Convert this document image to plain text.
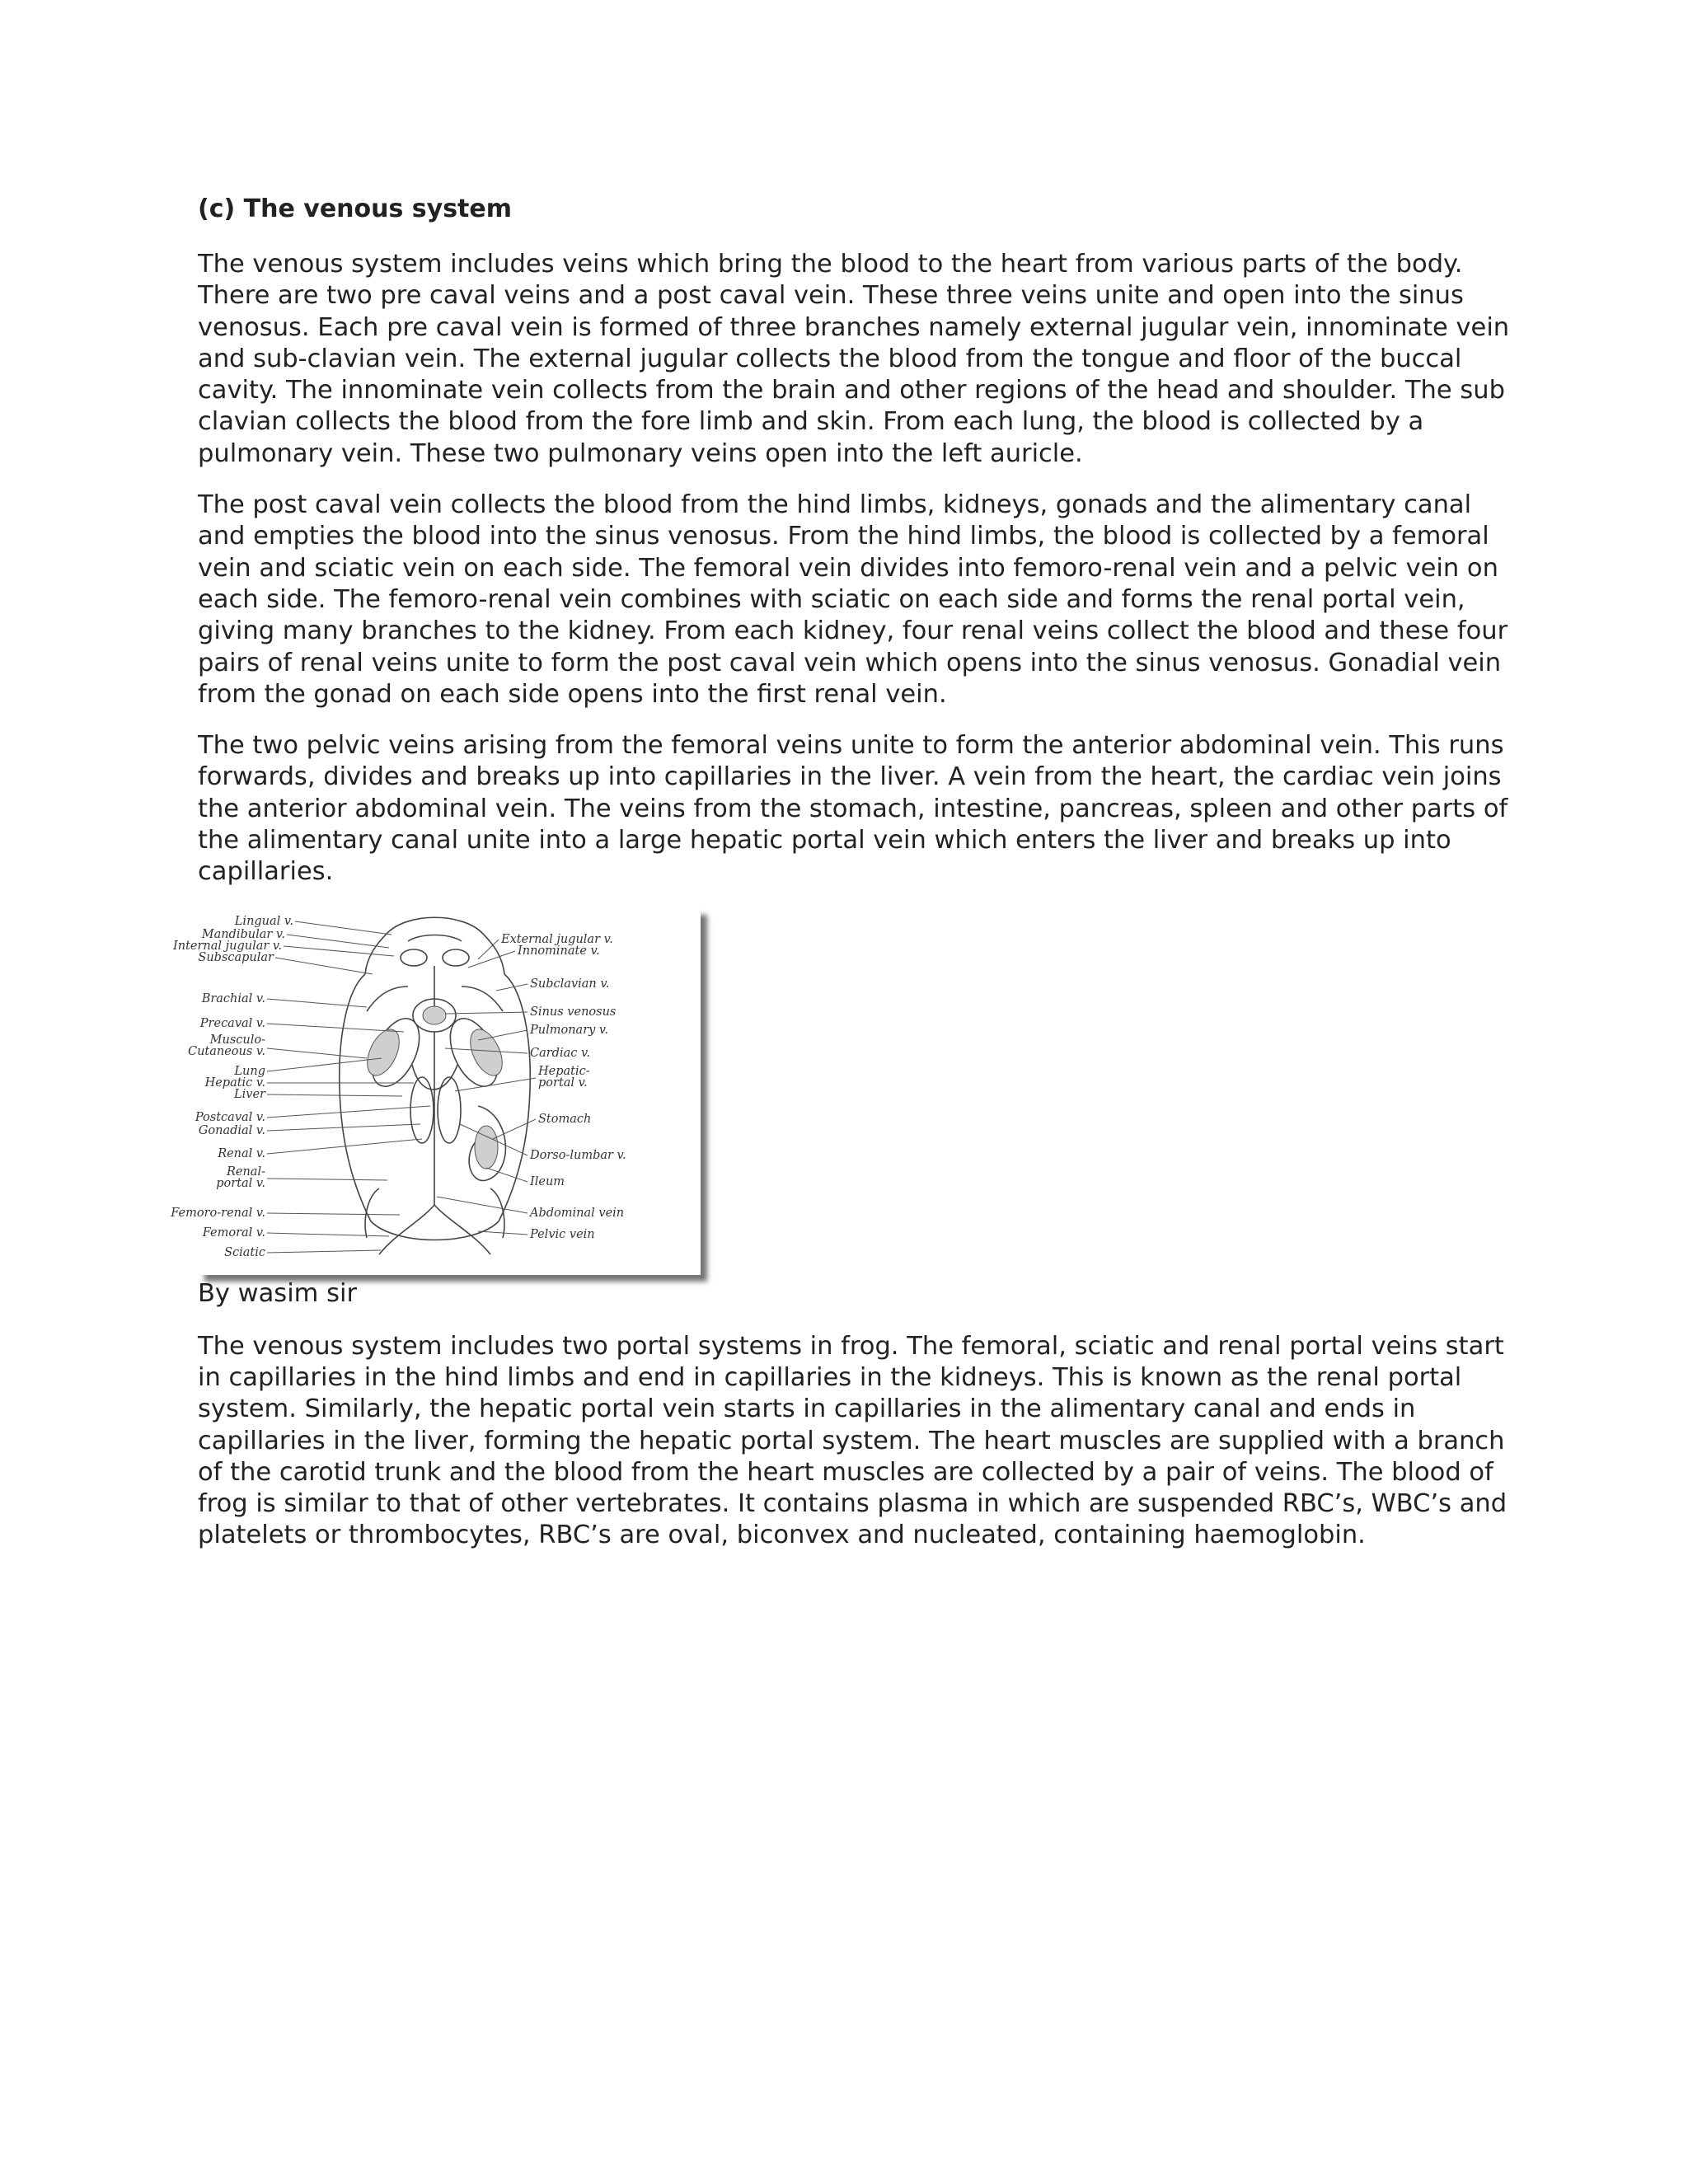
(c) The venous system

The venous system includes veins which bring the blood to the heart from various parts of the body. There are two pre caval veins and a post caval vein. These three veins unite and open into the sinus venosus. Each pre caval vein is formed of three branches namely external jugular vein, innominate vein and sub-clavian vein. The external jugular collects the blood from the tongue and floor of the buccal cavity. The innominate vein collects from the brain and other regions of the head and shoulder. The sub clavian collects the blood from the fore limb and skin. From each lung, the blood is collected by a pulmonary vein. These two pulmonary veins open into the left auricle.

The post caval vein collects the blood from the hind limbs, kidneys, gonads and the alimentary canal and empties the blood into the sinus venosus. From the hind limbs, the blood is collected by a femoral vein and sciatic vein on each side. The femoral vein divides into femoro-renal vein and a pelvic vein on each side. The femoro-renal vein combines with sciatic on each side and forms the renal portal vein, giving many branches to the kidney. From each kidney, four renal veins collect the blood and these four pairs of renal veins unite to form the post caval vein which opens into the sinus venosus. Gonadial vein from the gonad on each side opens into the first renal vein.

The two pelvic veins arising from the femoral veins unite to form the anterior abdominal vein. This runs forwards, divides and breaks up into capillaries in the liver. A vein from the heart, the cardiac vein joins the anterior abdominal vein. The veins from the stomach, intestine, pancreas, spleen and other parts of the alimentary canal unite into a large hepatic portal vein which enters the liver and breaks up into capillaries.

Lingual v.
Mandibular v.
Internal jugular v.
Subscapular
Brachial v.
Precaval v.
Musculo-
Cutaneous v.
Lung
Hepatic v.
Liver
Postcaval v.
Gonadial v.
Renal v.
Renal-
portal v.
Femoro-renal v.
Femoral v.
Sciatic
External jugular v.
Innominate v.
Subclavian v.
Sinus venosus
Pulmonary v.
Cardiac v.
Hepatic-
portal v.
Stomach
Dorso-lumbar v.
Ileum
Abdominal vein
Pelvic vein
By wasim sir

The venous system includes two portal systems in frog. The femoral, sciatic and renal portal veins start in capillaries in the hind limbs and end in capillaries in the kidneys. This is known as the renal portal system. Similarly, the hepatic portal vein starts in capillaries in the alimentary canal and ends in capillaries in the liver, forming the hepatic portal system. The heart muscles are supplied with a branch of the carotid trunk and the blood from the heart muscles are collected by a pair of veins. The blood of frog is similar to that of other vertebrates. It contains plasma in which are suspended RBC’s, WBC’s and platelets or thrombocytes, RBC’s are oval, biconvex and nucleated, containing haemoglobin.
